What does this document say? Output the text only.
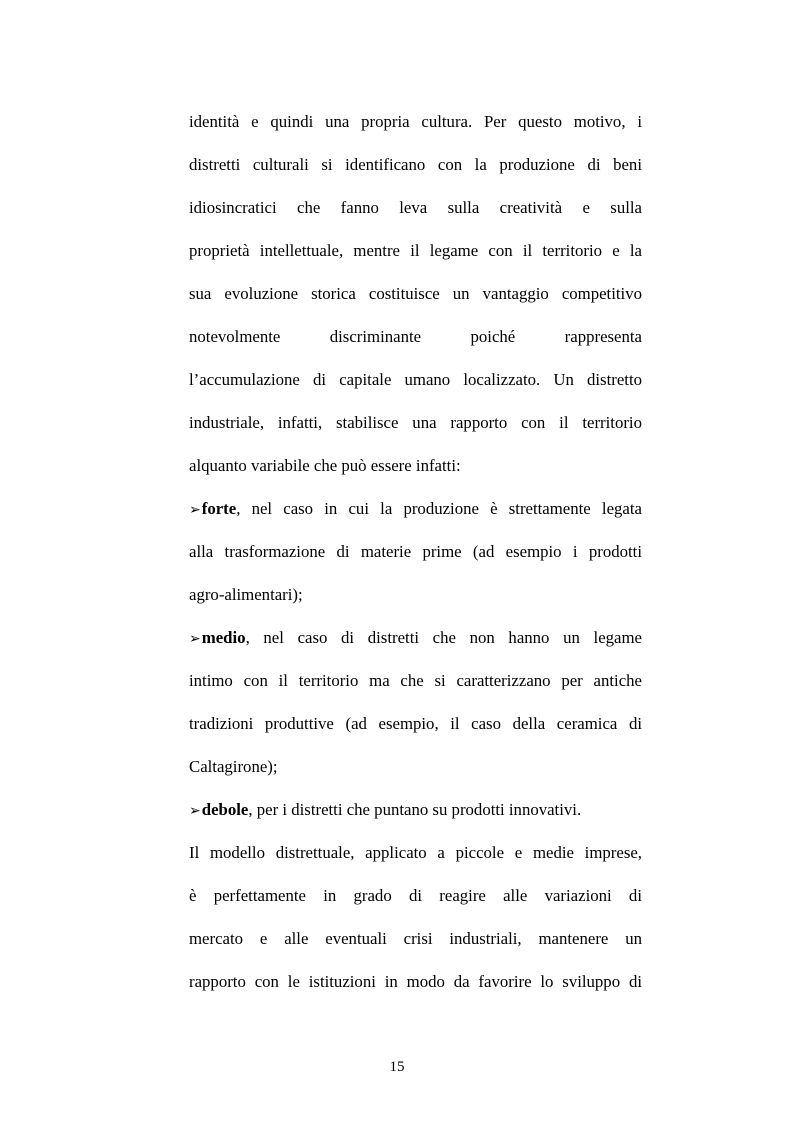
identità e quindi una propria cultura. Per questo motivo, i
distretti culturali si identificano con la produzione di beni
idiosincratici che fanno leva sulla creatività e sulla
proprietà intellettuale, mentre il legame con il territorio e la
sua evoluzione storica costituisce un vantaggio competitivo
notevolmente discriminante poiché rappresenta
l’accumulazione di capitale umano localizzato. Un distretto
industriale, infatti, stabilisce una rapporto con il territorio
alquanto variabile che può essere infatti:
➢forte, nel caso in cui la produzione è strettamente legata
alla trasformazione di materie prime (ad esempio i prodotti
agro-alimentari);
➢medio, nel caso di distretti che non hanno un legame
intimo con il territorio ma che si caratterizzano per antiche
tradizioni produttive (ad esempio, il caso della ceramica di
Caltagirone);
➢debole, per i distretti che puntano su prodotti innovativi.
Il modello distrettuale, applicato a piccole e medie imprese,
è perfettamente in grado di reagire alle variazioni di
mercato e alle eventuali crisi industriali, mantenere un
rapporto con le istituzioni in modo da favorire lo sviluppo di
15
